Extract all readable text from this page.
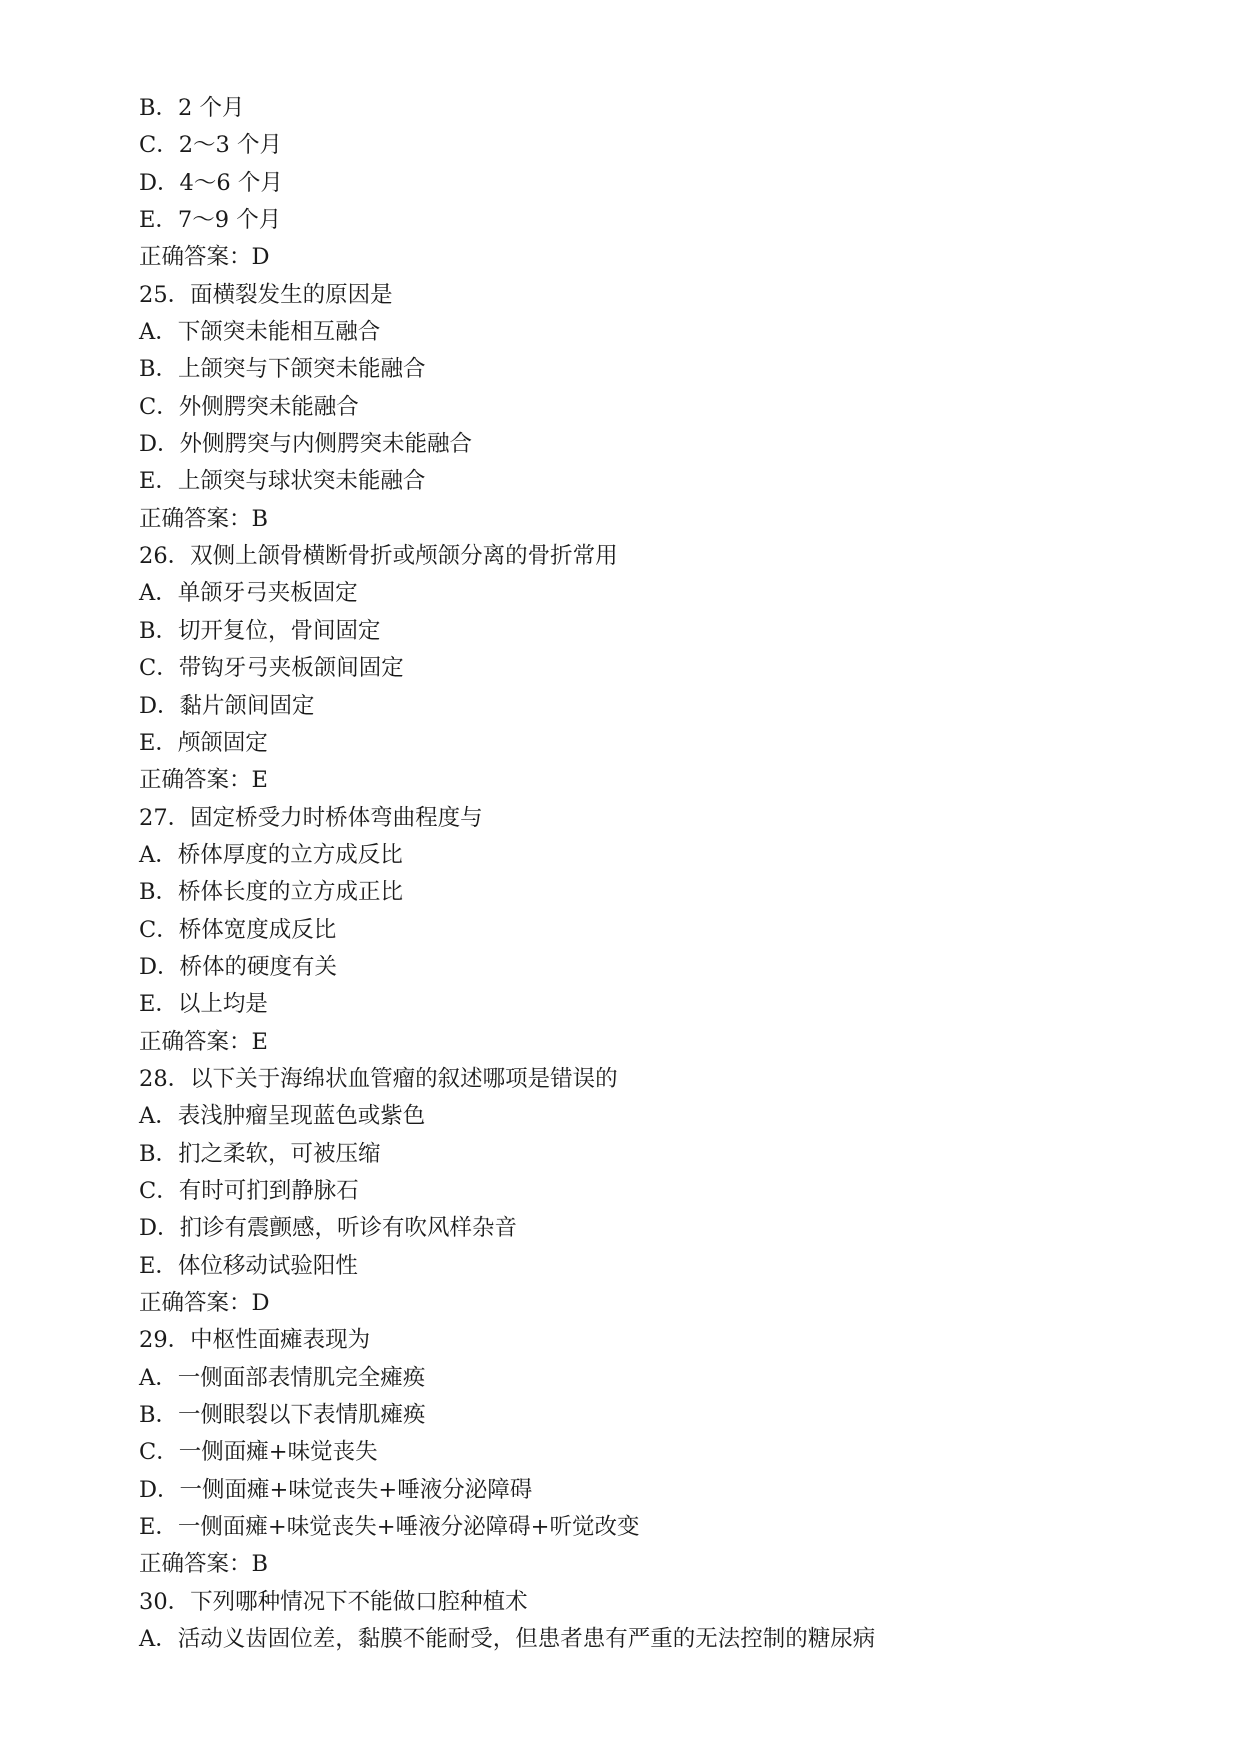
B．2 个月
C．2～3 个月
D．4～6 个月
E．7～9 个月
正确答案：D
25．面横裂发生的原因是
A．下颌突未能相互融合
B．上颌突与下颌突未能融合
C．外侧腭突未能融合
D．外侧腭突与内侧腭突未能融合
E．上颌突与球状突未能融合
正确答案：B
26．双侧上颌骨横断骨折或颅颌分离的骨折常用
A．单颌牙弓夹板固定
B．切开复位，骨间固定
C．带钩牙弓夹板颌间固定
D．黏片颌间固定
E．颅颌固定
正确答案：E
27．固定桥受力时桥体弯曲程度与
A．桥体厚度的立方成反比
B．桥体长度的立方成正比
C．桥体宽度成反比
D．桥体的硬度有关
E．以上均是
正确答案：E
28．以下关于海绵状血管瘤的叙述哪项是错误的
A．表浅肿瘤呈现蓝色或紫色
B．扪之柔软，可被压缩
C．有时可扪到静脉石
D．扪诊有震颤感，听诊有吹风样杂音
E．体位移动试验阳性
正确答案：D
29．中枢性面瘫表现为
A．一侧面部表情肌完全瘫痪
B．一侧眼裂以下表情肌瘫痪
C．一侧面瘫+味觉丧失
D．一侧面瘫+味觉丧失+唾液分泌障碍
E．一侧面瘫+味觉丧失+唾液分泌障碍+听觉改变
正确答案：B
30．下列哪种情况下不能做口腔种植术
A．活动义齿固位差，黏膜不能耐受，但患者患有严重的无法控制的糖尿病
